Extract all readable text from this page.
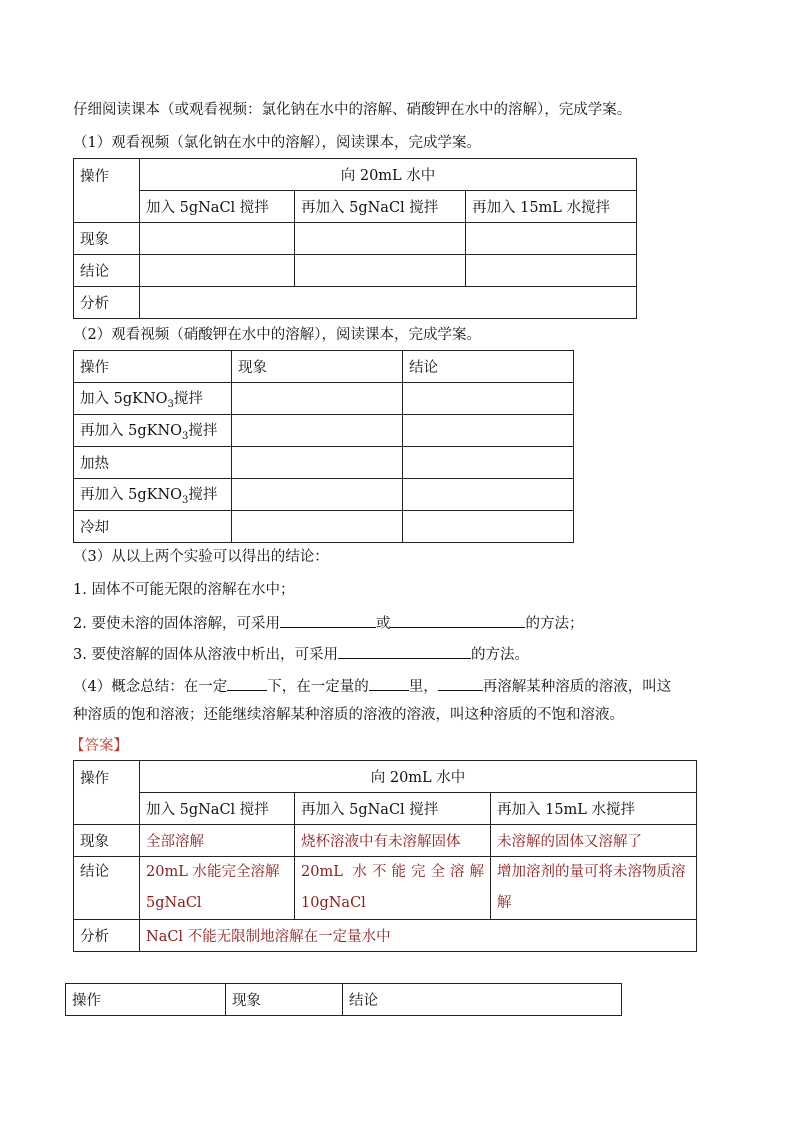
仔细阅读课本（或观看视频：氯化钠在水中的溶解、硝酸钾在水中的溶解），完成学案。
（1）观看视频（氯化钠在水中的溶解），阅读课本，完成学案。
操作	向 20mL 水中		
	加入 5gNaCl 搅拌	再加入 5gNaCl 搅拌	再加入 15mL 水搅拌
现象			
结论			
分析			
（2）观看视频（硝酸钾在水中的溶解），阅读课本，完成学案。
操作	现象	结论
加入 5gKNO$_3$搅拌		
再加入 5gKNO$_3$搅拌		
加热		
再加入 5gKNO$_3$搅拌		
冷却		
（3）从以上两个实验可以得出的结论：
1. 固体不可能无限的溶解在水中；
2. 要使未溶的固体溶解，可采用	或	的方法；
3. 要使溶解的固体从溶液中析出，可采用	的方法。
（4）概念总结：在一定	下，在一定量的	里，	再溶解某种溶质的溶液，叫这
种溶质的饱和溶液；还能继续溶解某种溶质的溶液的溶液，叫这种溶质的不饱和溶液。
【答案】
操作	向 20mL 水中		
	加入 5gNaCl 搅拌	再加入 5gNaCl 搅拌	再加入 15mL 水搅拌
现象	全部溶解	烧杯溶液中有未溶解固体	未溶解的固体又溶解了
结论	20mL 水能完全溶解 5gNaCl	20mL 水不能完全溶解 10gNaCl	增加溶剂的量可将未溶物质溶解
分析	NaCl 不能无限制地溶解在一定量水中		
操作	现象	结论
